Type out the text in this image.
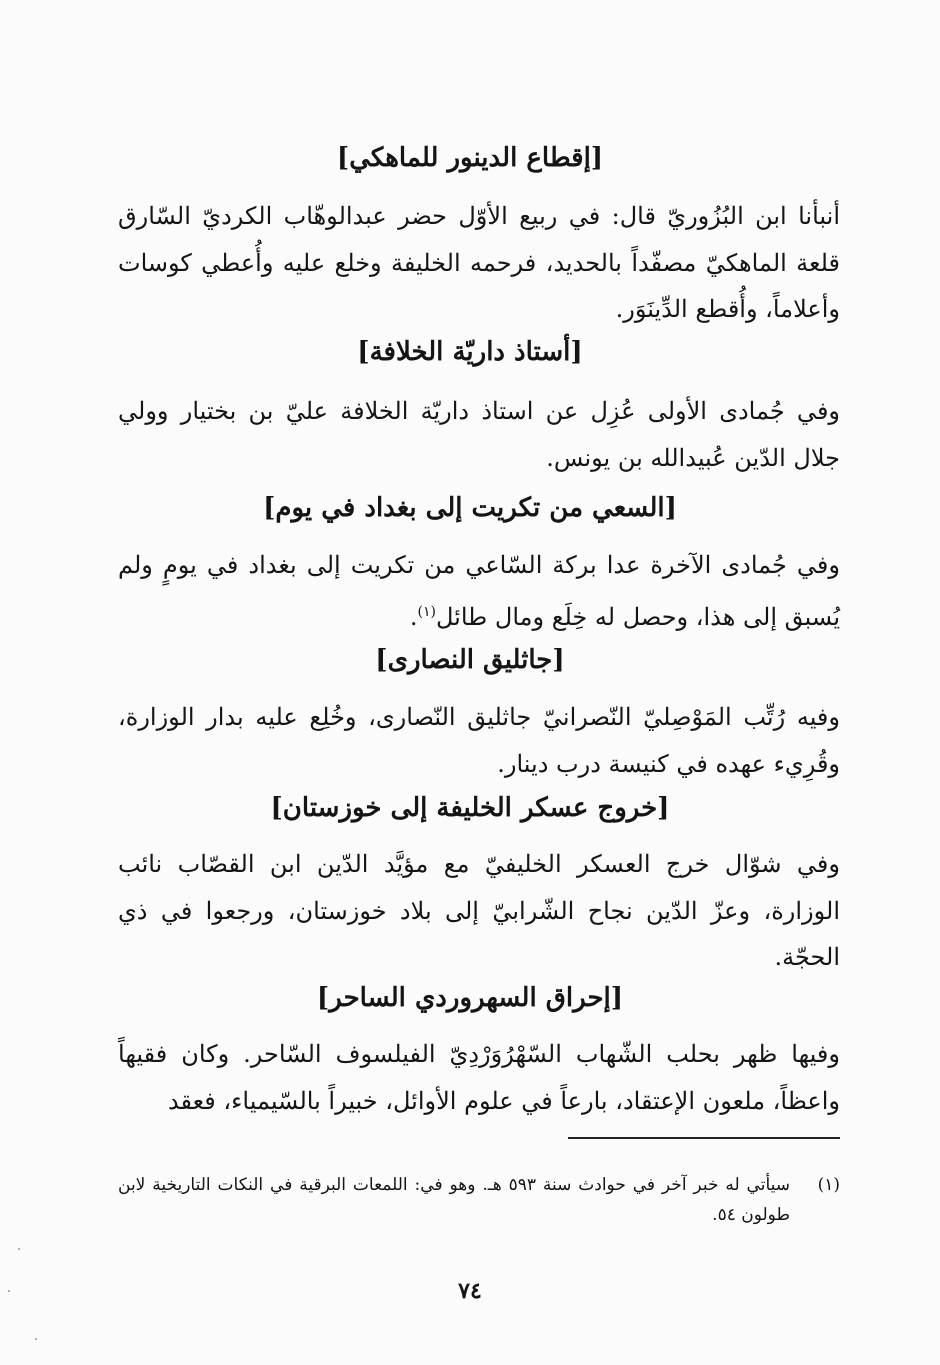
[إقطاع الدينور للماهكي]
أنبأنا ابن البُزُوريّ قال: في ربيع الأوّل حضر عبدالوهّاب الكرديّ السّارق قلعة الماهكيّ مصفّداً بالحديد، فرحمه الخليفة وخلع عليه وأُعطي كوسات وأعلاماً، وأُقطع الدِّينَوَر.
[أستاذ داريّة الخلافة]
وفي جُمادى الأولى عُزِل عن استاذ داريّة الخلافة عليّ بن بختيار وولي جلال الدّين عُبيدالله بن يونس.
[السعي من تكريت إلى بغداد في يوم]
وفي جُمادى الآخرة عدا بركة السّاعي من تكريت إلى بغداد في يومٍ ولم يُسبق إلى هذا، وحصل له خِلَع ومال طائل$^{(١)}$.
[جاثليق النصارى]
وفيه رُتِّب المَوْصِليّ النّصرانيّ جاثليق النّصارى، وخُلِع عليه بدار الوزارة، وقُرِيء عهده في كنيسة درب دينار.
[خروج عسكر الخليفة إلى خوزستان]
وفي شوّال خرج العسكر الخليفيّ مع مؤيَّد الدّين ابن القصّاب نائب الوزارة، وعزّ الدّين نجاح الشّرابيّ إلى بلاد خوزستان، ورجعوا في ذي الحجّة.
[إحراق السهروردي الساحر]
وفيها ظهر بحلب الشّهاب السّهْرُوَرْدِيّ الفيلسوف السّاحر. وكان فقيهاً واعظاً، ملعون الإعتقاد، بارعاً في علوم الأوائل، خبيراً بالسّيمياء، فعقد
(١)
سيأتي له خبر آخر في حوادث سنة ٥٩٣ هـ. وهو في: اللمعات البرقية في النكات التاريخية لابن طولون ٥٤.
٧٤
